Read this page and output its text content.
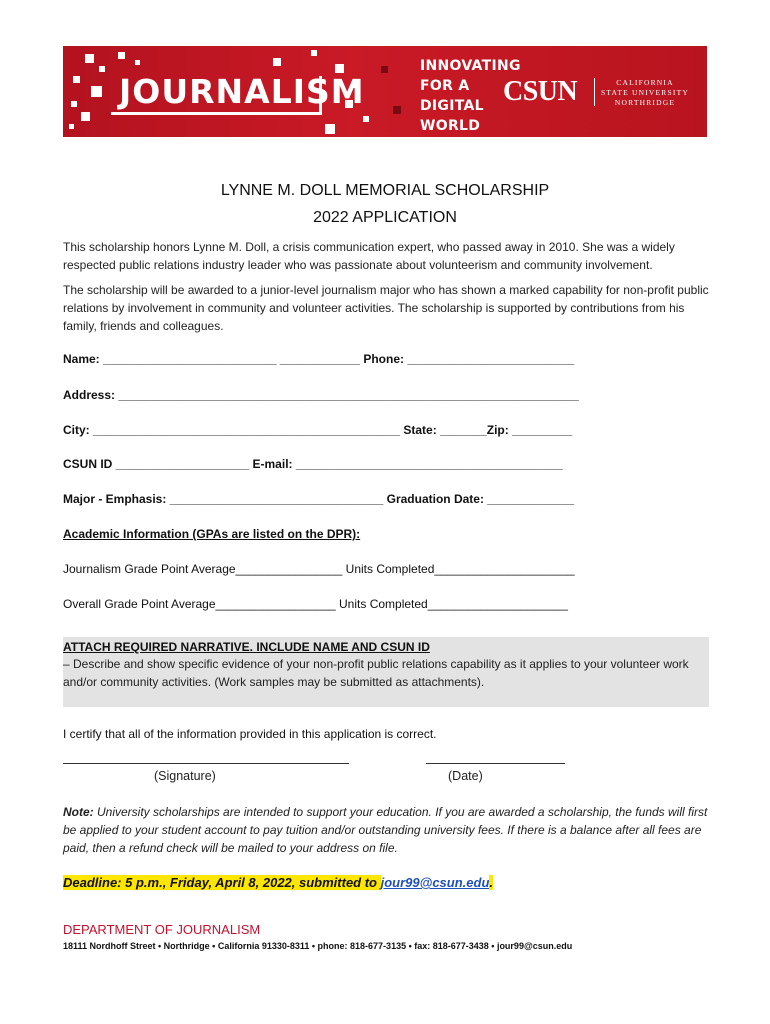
JOURNALISM
INNOVATING
FOR A
DIGITAL
WORLD
CSUN	CALIFORNIA
STATE UNIVERSITY
NORTHRIDGE
LYNNE M. DOLL MEMORIAL SCHOLARSHIP
2022 APPLICATION
This scholarship honors Lynne M. Doll, a crisis communication expert, who passed away in 2010. She was a widely respected public relations industry leader who was passionate about volunteerism and community involvement.
The scholarship will be awarded to a junior-level journalism major who has shown a marked capability for non-profit public relations by involvement in community and volunteer activities. The scholarship is supported by contributions from his family, friends and colleagues.
Name: __________________________ ____________ Phone: _________________________
Address: _____________________________________________________________________
City: ______________________________________________ State: _______Zip: _________
CSUN ID ____________________ E-mail: ________________________________________
Major - Emphasis: ________________________________ Graduation Date: _____________
Academic Information (GPAs are listed on the DPR):
Journalism Grade Point Average________________ Units Completed_____________________
Overall Grade Point Average__________________ Units Completed_____________________
ATTACH REQUIRED NARRATIVE. INCLUDE NAME AND CSUN ID
– Describe and show specific evidence of your non-profit public relations capability as it applies to your volunteer work and/or community activities. (Work samples may be submitted as attachments).
I certify that all of the information provided in this application is correct.
(Signature)	(Date)
Note: University scholarships are intended to support your education. If you are awarded a scholarship, the funds will first be applied to your student account to pay tuition and/or outstanding university fees. If there is a balance after all fees are paid, then a refund check will be mailed to your address on file.
Deadline: 5 p.m., Friday, April 8, 2022, submitted to jour99@csun.edu.
DEPARTMENT OF JOURNALISM
18111 Nordhoff Street • Northridge • California 91330-8311 • phone: 818-677-3135 • fax: 818-677-3438 • jour99@csun.edu
